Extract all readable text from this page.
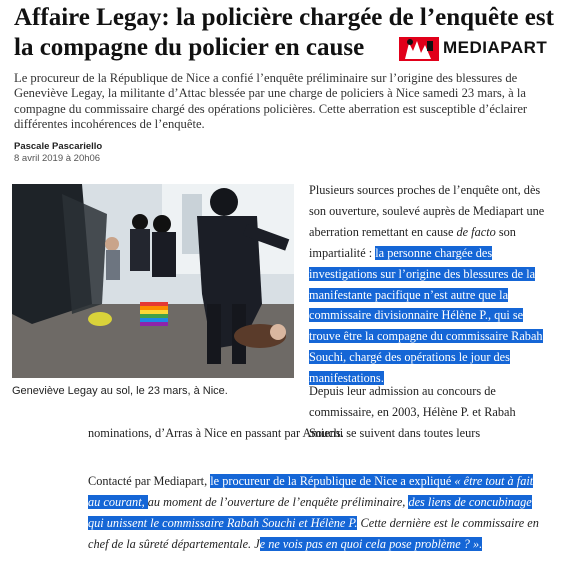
Affaire Legay: la policière chargée de l’enquête est la compagne du policier en cause	MEDIAPART

Le procureur de la République de Nice a confié l’enquête préliminaire sur l’origine des blessures de Geneviève Legay, la militante d’Attac blessée par une charge de policiers à Nice samedi 23 mars, à la compagne du commissaire chargé des opérations policières. Cette aberration est susceptible d’éclairer différentes incohérences de l’enquête.

Pascale Pascariello
8 avril 2019 à 20h06
Geneviève Legay au sol, le 23 mars, à Nice.

Plusieurs sources proches de l’enquête ont, dès son ouverture, soulevé auprès de Mediapart une aberration remettant en cause de facto son impartialité : la personne chargée des investigations sur l’origine des blessures de la manifestante pacifique n’est autre que la commissaire divisionnaire Hélène P., qui se trouve être la compagne du commissaire Rabah Souchi, chargé des opérations le jour des manifestations.

Depuis leur admission au concours de commissaire, en 2003, Hélène P. et Rabah Souchi se suivent dans toutes leurs

nominations, d’Arras à Nice en passant par Amiens.

Contacté par Mediapart, le procureur de la République de Nice a expliqué « être tout à fait au courant, au moment de l’ouverture de l’enquête préliminaire, des liens de concubinage qui unissent le commissaire Rabah Souchi et Hélène P. Cette dernière est le commissaire en chef de la sûreté départementale. Je ne vois pas en quoi cela pose problème ? ».
